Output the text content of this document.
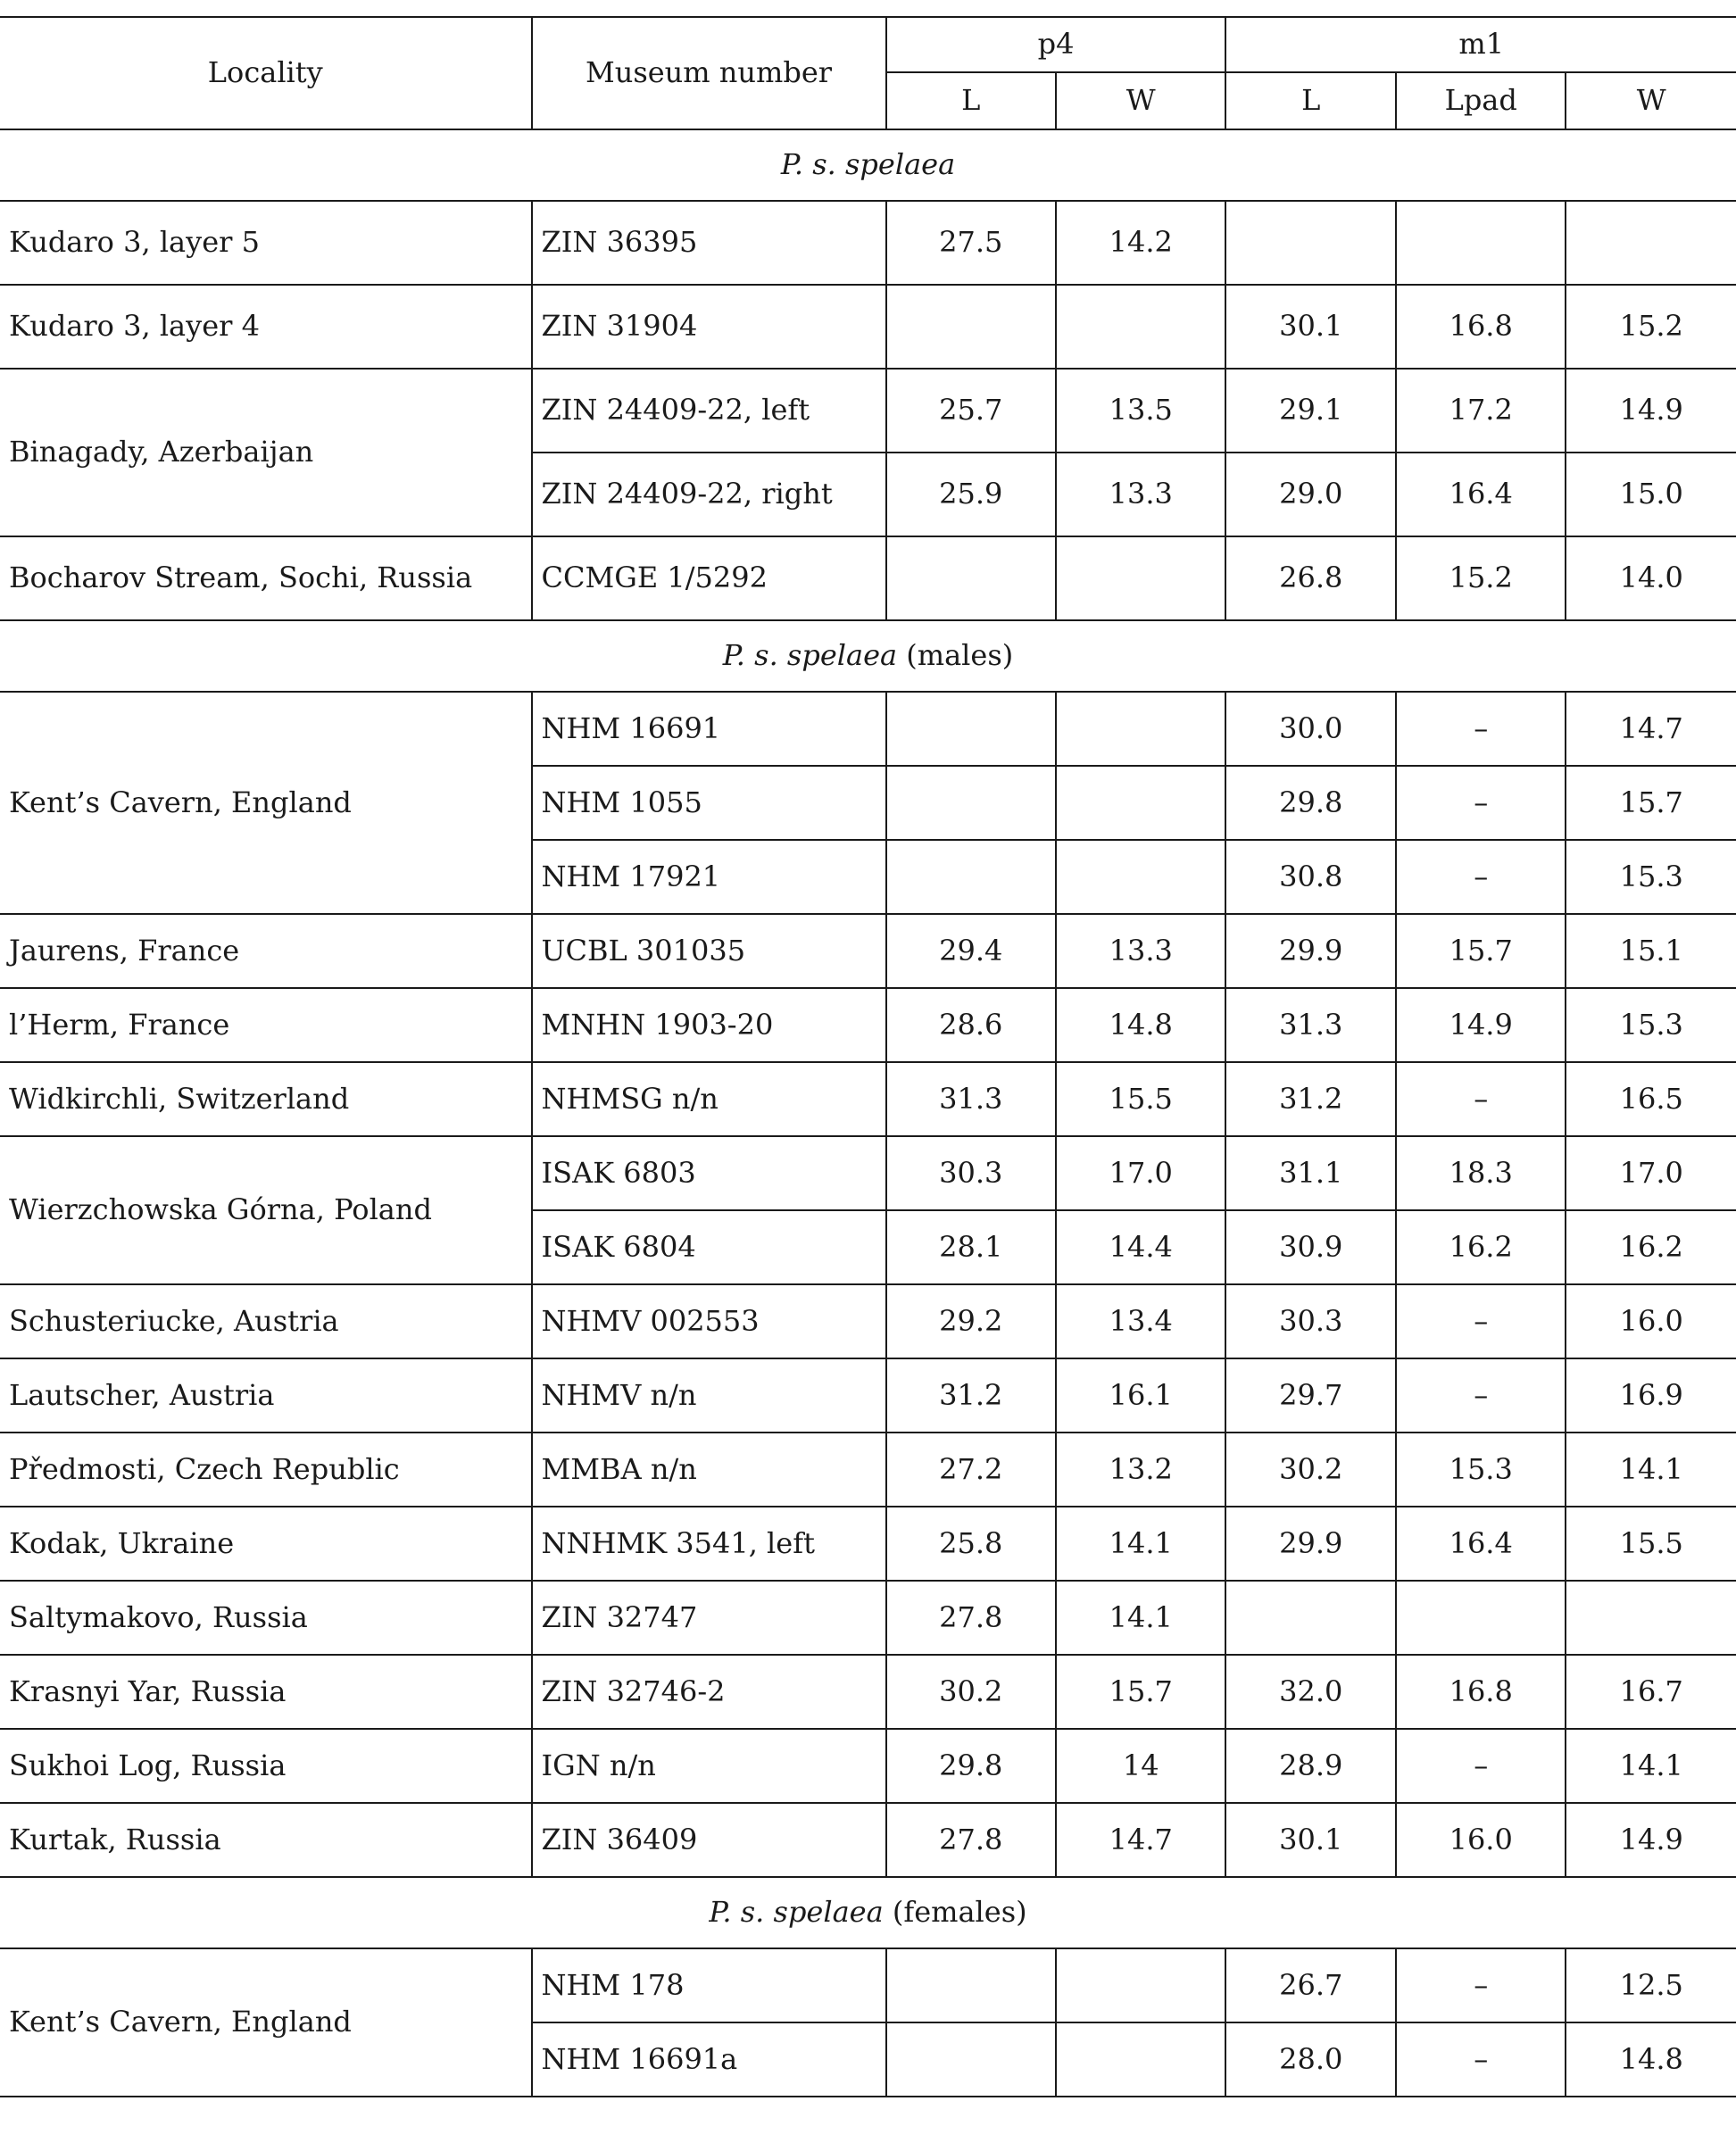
Locality	Museum number	p4		m1		
		L	W	L	Lpad	W
P. s. spelaea						
Kudaro 3, layer 5	ZIN 36395	27.5	14.2			
Kudaro 3, layer 4	ZIN 31904			30.1	16.8	15.2
Binagady, Azerbaijan	ZIN 24409-22, left	25.7	13.5	29.1	17.2	14.9
	ZIN 24409-22, right	25.9	13.3	29.0	16.4	15.0
Bocharov Stream, Sochi, Russia	CCMGE 1/5292			26.8	15.2	14.0
P. s. spelaea (males)						
Kent’s Cavern, England	NHM 16691			30.0	–	14.7
	NHM 1055			29.8	–	15.7
	NHM 17921			30.8	–	15.3
Jaurens, France	UCBL 301035	29.4	13.3	29.9	15.7	15.1
l’Herm, France	MNHN 1903-20	28.6	14.8	31.3	14.9	15.3
Widkirchli, Switzerland	NHMSG n/n	31.3	15.5	31.2	–	16.5
Wierzchowska Górna, Poland	ISAK 6803	30.3	17.0	31.1	18.3	17.0
	ISAK 6804	28.1	14.4	30.9	16.2	16.2
Schusteriucke, Austria	NHMV 002553	29.2	13.4	30.3	–	16.0
Lautscher, Austria	NHMV n/n	31.2	16.1	29.7	–	16.9
Předmosti, Czech Republic	MMBA n/n	27.2	13.2	30.2	15.3	14.1
Kodak, Ukraine	NNHMK 3541, left	25.8	14.1	29.9	16.4	15.5
Saltymakovo, Russia	ZIN 32747	27.8	14.1			
Krasnyi Yar, Russia	ZIN 32746-2	30.2	15.7	32.0	16.8	16.7
Sukhoi Log, Russia	IGN n/n	29.8	14	28.9	–	14.1
Kurtak, Russia	ZIN 36409	27.8	14.7	30.1	16.0	14.9
P. s. spelaea (females)						
Kent’s Cavern, England	NHM 178			26.7	–	12.5
	NHM 16691a			28.0	–	14.8
